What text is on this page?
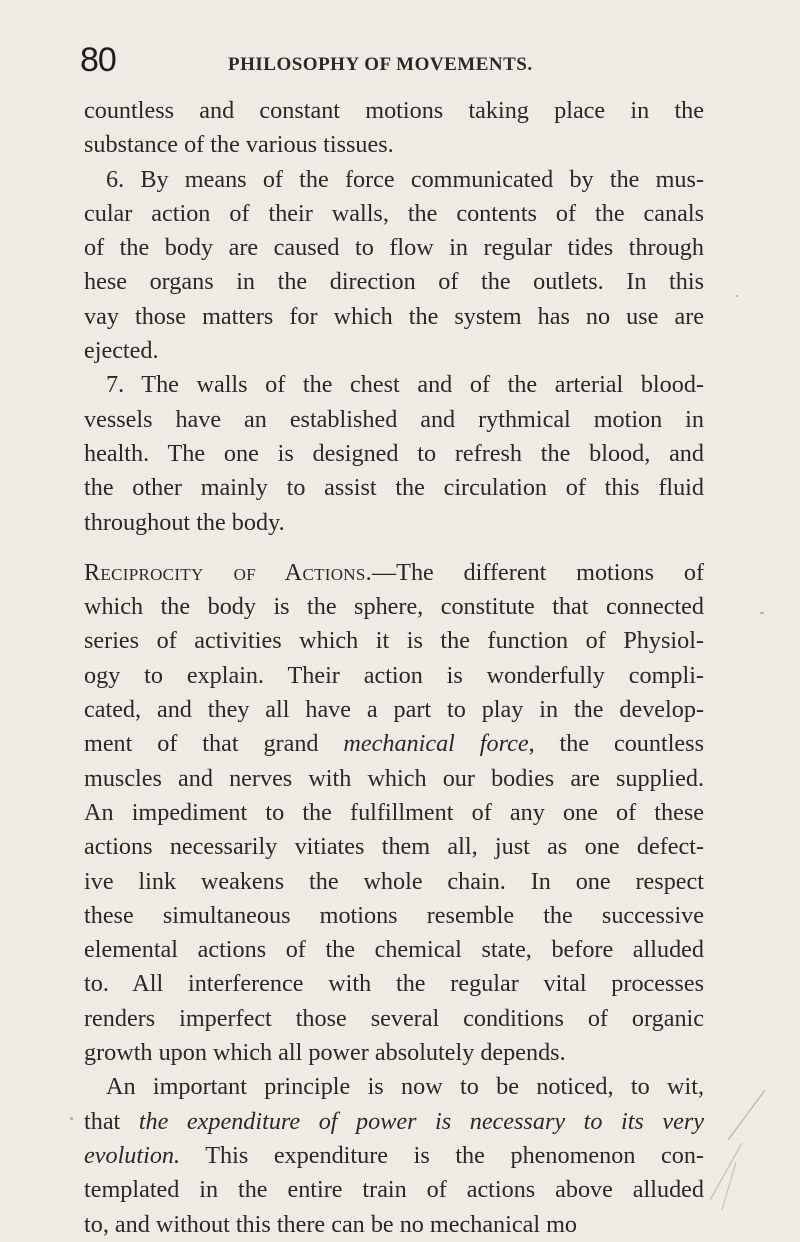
80	PHILOSOPHY OF MOVEMENTS.

countless and constant motions taking place in the

substance of the various tissues.

6. By means of the force communicated by the mus-

cular action of their walls, the contents of the canals

of the body are caused to flow in regular tides through

hese organs in the direction of the outlets. In this

vay those matters for which the system has no use are

ejected.

7. The walls of the chest and of the arterial blood-

vessels have an established and rythmical motion in

health. The one is designed to refresh the blood, and

the other mainly to assist the circulation of this fluid

throughout the body.

Reciprocity of Actions.—The different motions of

which the body is the sphere, constitute that connected

series of activities which it is the function of Physiol-

ogy to explain. Their action is wonderfully compli-

cated, and they all have a part to play in the develop-

ment of that grand mechanical force, the countless

muscles and nerves with which our bodies are supplied.

An impediment to the fulfillment of any one of these

actions necessarily vitiates them all, just as one defect-

ive link weakens the whole chain. In one respect

these simultaneous motions resemble the successive

elemental actions of the chemical state, before alluded

to. All interference with the regular vital processes

renders imperfect those several conditions of organic

growth upon which all power absolutely depends.

An important principle is now to be noticed, to wit,

that the expenditure of power is necessary to its very

evolution. This expenditure is the phenomenon con-

templated in the entire train of actions above alluded

to, and without this there can be no mechanical mo
